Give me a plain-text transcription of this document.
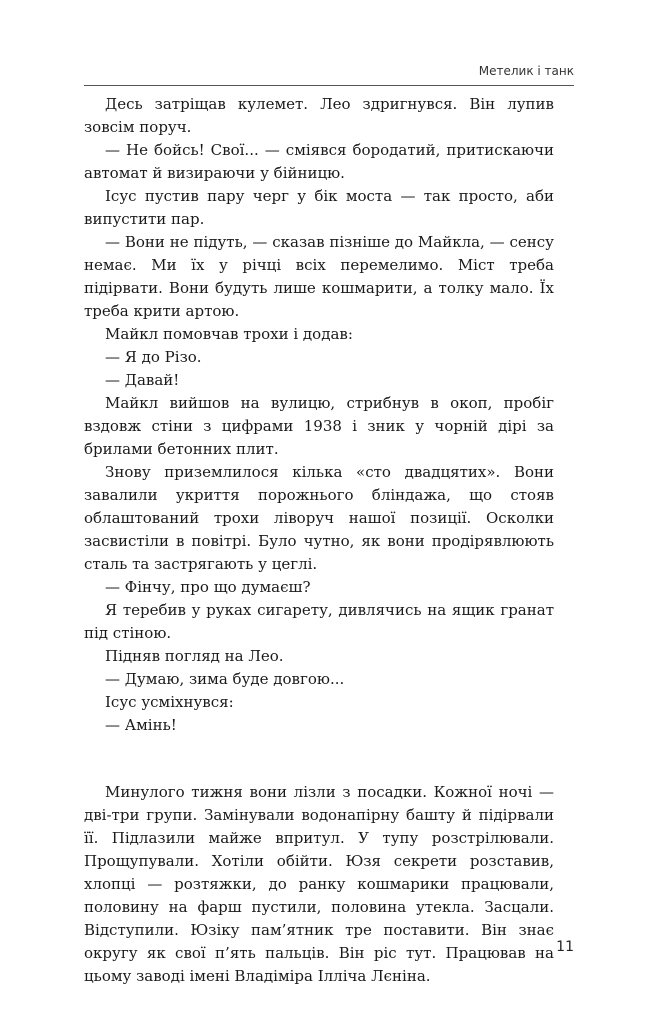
Метелик і танк

Десь затріщав кулемет. Лео здригнувся. Він лупив зовсім поруч.

— Не бойсь! Свої... — сміявся бородатий, притискаючи автомат й визираючи у бійницю.

Ісус пустив пару черг у бік моста — так просто, аби випустити пар.

— Вони не підуть, — сказав пізніше до Майкла, — сенсу немає. Ми їх у річці всіх перемелимо. Міст треба підірвати. Вони будуть лише кошмарити, а толку мало. Їх треба крити артою.

Майкл помовчав трохи і додав:

— Я до Різо.

— Давай!

Майкл вийшов на вулицю, стрибнув в окоп, пробіг вздовж стіни з цифрами 1938 і зник у чорній дірі за брилами бетонних плит.

Знову приземлилося кілька «сто двадцятих». Вони завалили укриття порожнього бліндажа, що стояв облаштований трохи ліворуч нашої позиції. Осколки засвистіли в повітрі. Було чутно, як вони продірявлюють сталь та застрягають у цеглі.

— Фінчу, про що думаєш?

Я теребив у руках сигарету, дивлячись на ящик гранат під стіною.

Підняв погляд на Лео.

— Думаю, зима буде довгою...

Ісус усміхнувся:

— Амінь!

Минулого тижня вони лізли з посадки. Кожної ночі — дві-три групи. Замінували водонапірну башту й підірвали її. Підлазили майже впритул. У тупу розстрілювали. Прощупували. Хотіли обійти. Юзя секрети розставив, хлопці — розтяжки, до ранку кошмарики працювали, половину на фарш пустили, половина утекла. Засцали. Відступили. Юзіку пам’ятник тре поставити. Він знає округу як свої п’ять пальців. Він ріс тут. Працював на цьому заводі імені Владіміра Ілліча Лєніна.

11
